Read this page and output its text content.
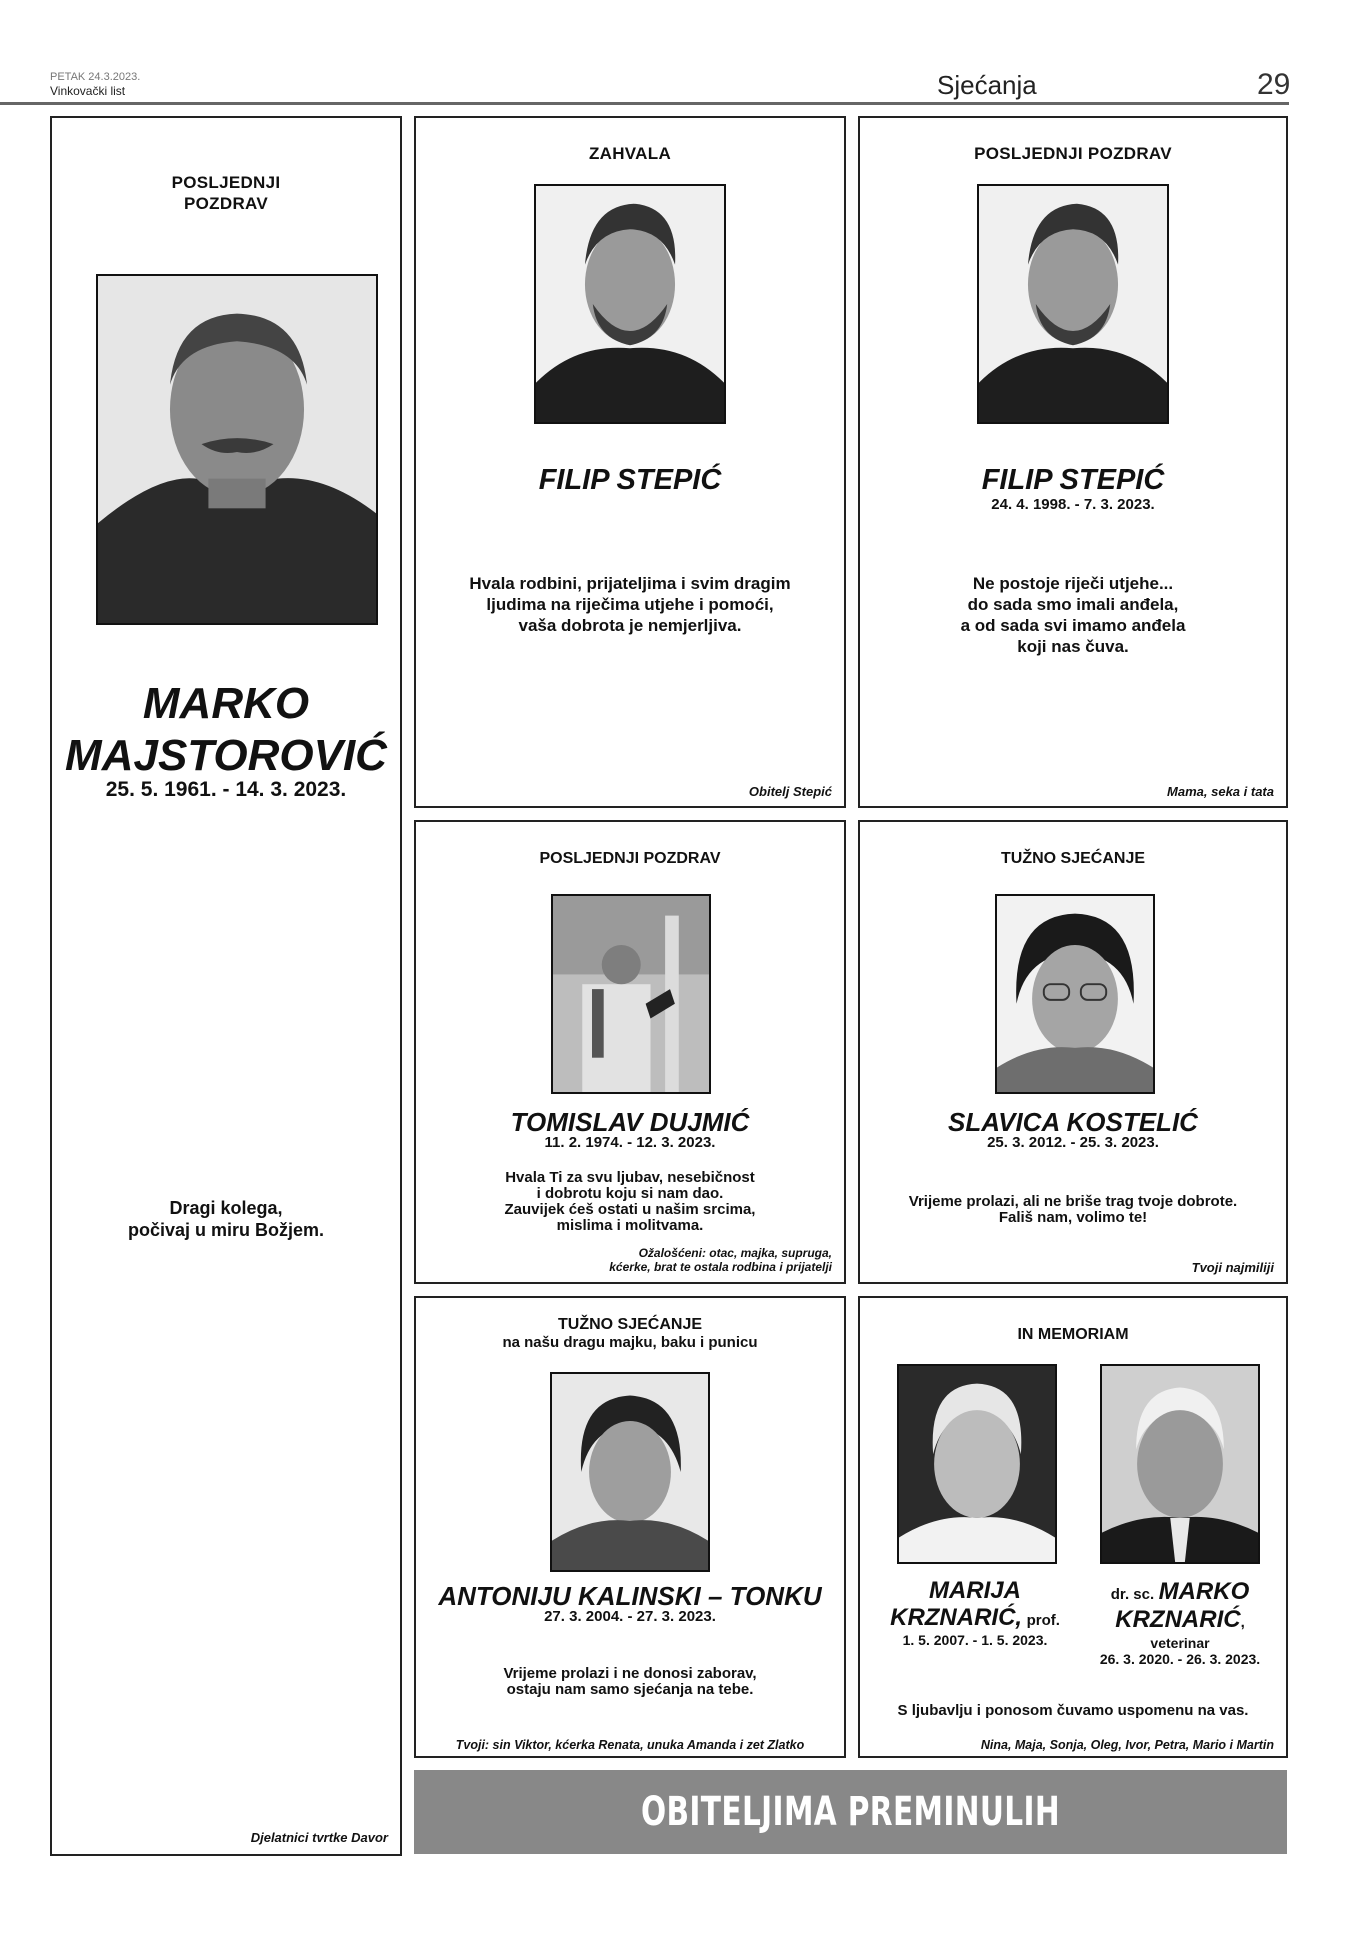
PETAK 24.3.2023.
Vinkovački list	Sjećanja	29
POSLJEDNJI
POZDRAV
MARKO
MAJSTOROVIĆ
25. 5. 1961. - 14. 3. 2023.
Dragi kolega,
počivaj u miru Božjem.
Djelatnici tvrtke Davor
ZAHVALA
FILIP STEPIĆ
Hvala rodbini, prijateljima i svim dragim
ljudima na riječima utjehe i pomoći,
vaša dobrota je nemjerljiva.
Obitelj Stepić
POSLJEDNJI POZDRAV
FILIP STEPIĆ
24. 4. 1998. - 7. 3. 2023.
Ne postoje riječi utjehe...
do sada smo imali anđela,
a od sada svi imamo anđela
koji nas čuva.
Mama, seka i tata
POSLJEDNJI POZDRAV
TOMISLAV DUJMIĆ
11. 2. 1974. - 12. 3. 2023.
Hvala Ti za svu ljubav, nesebičnost
i dobrotu koju si nam dao.
Zauvijek ćeš ostati u našim srcima,
mislima i molitvama.
Ožalošćeni: otac, majka, supruga,
kćerke, brat te ostala rodbina i prijatelji
TUŽNO SJEĆANJE
SLAVICA KOSTELIĆ
25. 3. 2012. - 25. 3. 2023.
Vrijeme prolazi, ali ne briše trag tvoje dobrote.
Fališ nam, volimo te!
Tvoji najmiliji
TUŽNO SJEĆANJE
na našu dragu majku, baku i punicu
ANTONIJU KALINSKI – TONKU
27. 3. 2004. - 27. 3. 2023.
Vrijeme prolazi i ne donosi zaborav,
ostaju nam samo sjećanja na tebe.
Tvoji: sin Viktor, kćerka Renata, unuka Amanda i zet Zlatko
IN MEMORIAM
MARIJA
KRZNARIĆ, prof.
1. 5. 2007. - 1. 5. 2023.
dr. sc. MARKO
KRZNARIĆ,
veterinar
26. 3. 2020. - 26. 3. 2023.
S ljubavlju i ponosom čuvamo uspomenu na vas.
Nina, Maja, Sonja, Oleg, Ivor, Petra, Mario i Martin
OBITELJIMA PREMINULIH IZRAŽAVAMO ISKRENU SUĆUT
